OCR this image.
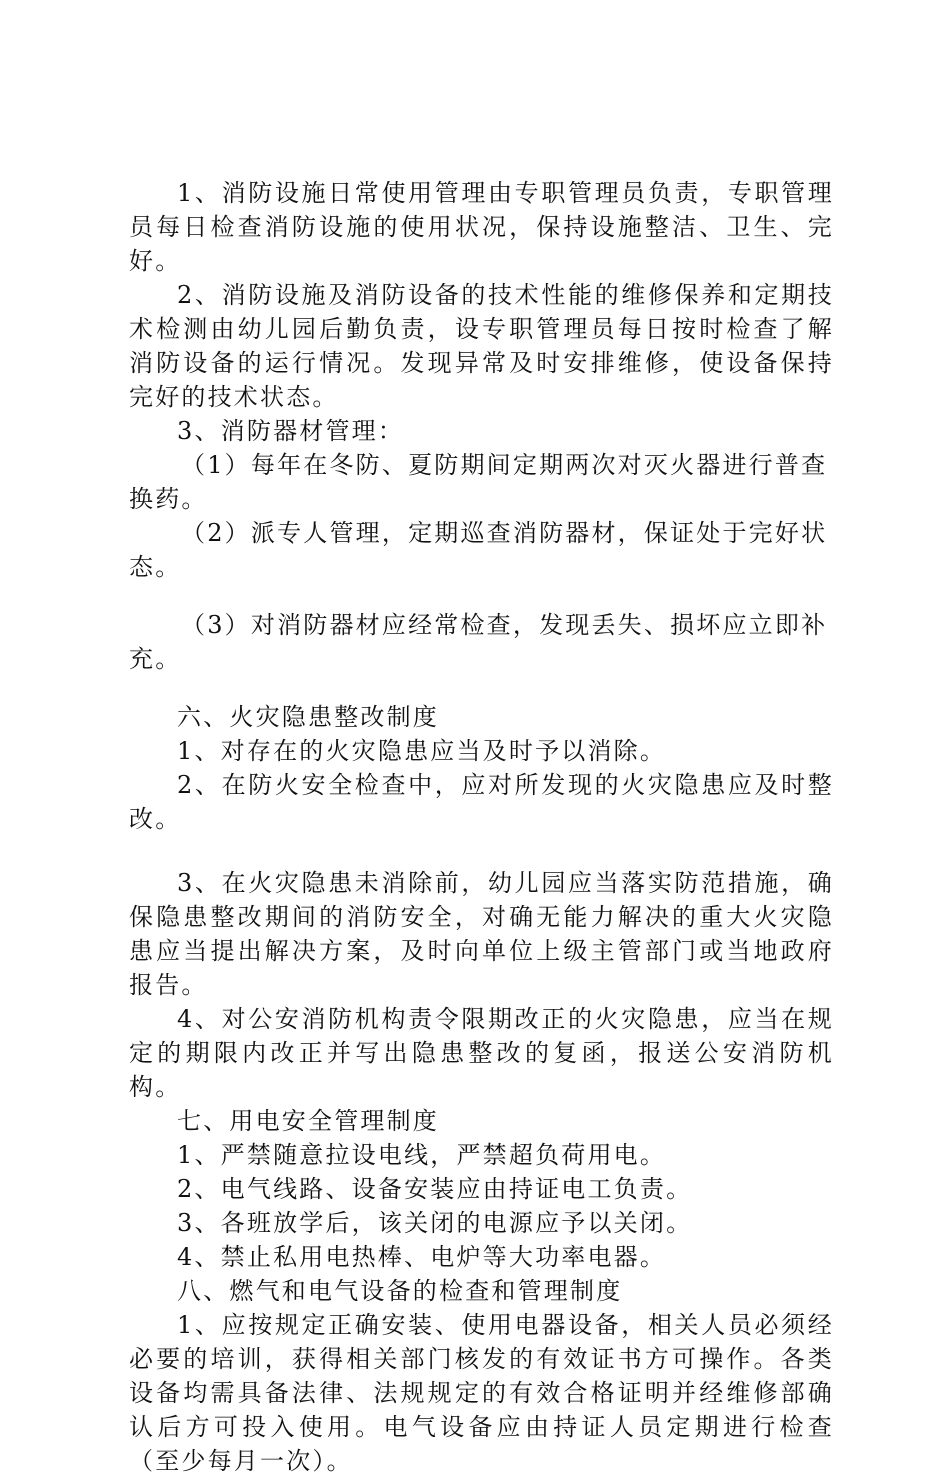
1、消防设施日常使用管理由专职管理员负责，专职管理员每日检查消防设施的使用状况，保持设施整洁、卫生、完好。

2、消防设施及消防设备的技术性能的维修保养和定期技术检测由幼儿园后勤负责，设专职管理员每日按时检查了解消防设备的运行情况。发现异常及时安排维修，使设备保持完好的技术状态。

3、消防器材管理：

（1）每年在冬防、夏防期间定期两次对灭火器进行普查换药。

（2）派专人管理，定期巡查消防器材，保证处于完好状态。

（3）对消防器材应经常检查，发现丢失、损坏应立即补充。

六、火灾隐患整改制度

1、对存在的火灾隐患应当及时予以消除。

2、在防火安全检查中，应对所发现的火灾隐患应及时整改。

3、在火灾隐患未消除前，幼儿园应当落实防范措施，确保隐患整改期间的消防安全，对确无能力解决的重大火灾隐患应当提出解决方案，及时向单位上级主管部门或当地政府报告。

4、对公安消防机构责令限期改正的火灾隐患，应当在规定的期限内改正并写出隐患整改的复函，报送公安消防机构。

七、用电安全管理制度

1、严禁随意拉设电线，严禁超负荷用电。

2、电气线路、设备安装应由持证电工负责。

3、各班放学后，该关闭的电源应予以关闭。

4、禁止私用电热棒、电炉等大功率电器。

八、燃气和电气设备的检查和管理制度

1、应按规定正确安装、使用电器设备，相关人员必须经必要的培训，获得相关部门核发的有效证书方可操作。各类设备均需具备法律、法规规定的有效合格证明并经维修部确认后方可投入使用。电气设备应由持证人员定期进行检查（至少每月一次）。
